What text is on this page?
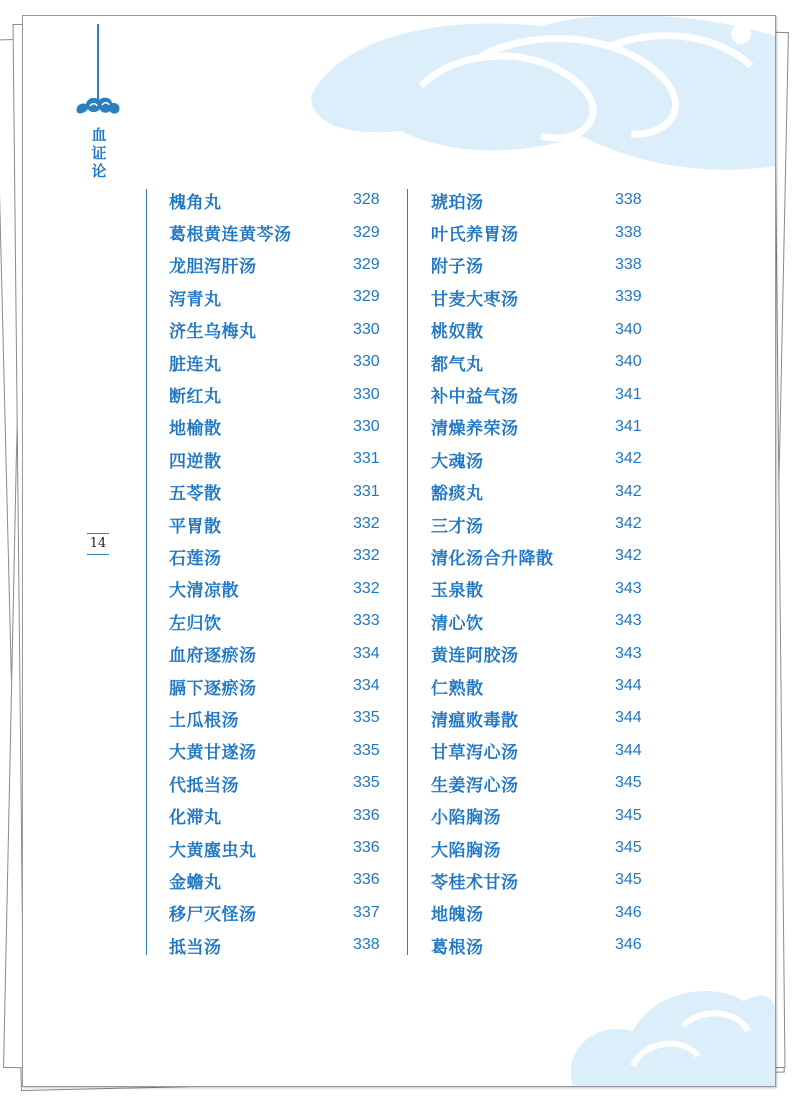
血
证
论
14
槐角丸	328
葛根黄连黄芩汤	329
龙胆泻肝汤	329
泻青丸	329
济生乌梅丸	330
脏连丸	330
断红丸	330
地榆散	330
四逆散	331
五苓散	331
平胃散	332
石莲汤	332
大清凉散	332
左归饮	333
血府逐瘀汤	334
膈下逐瘀汤	334
土瓜根汤	335
大黄甘遂汤	335
代抵当汤	335
化滞丸	336
大黄䗪虫丸	336
金蟾丸	336
移尸灭怪汤	337
抵当汤	338
琥珀汤	338
叶氏养胃汤	338
附子汤	338
甘麦大枣汤	339
桃奴散	340
都气丸	340
补中益气汤	341
清燥养荣汤	341
大魂汤	342
豁痰丸	342
三才汤	342
清化汤合升降散	342
玉泉散	343
清心饮	343
黄连阿胶汤	343
仁熟散	344
清瘟败毒散	344
甘草泻心汤	344
生姜泻心汤	345
小陷胸汤	345
大陷胸汤	345
苓桂术甘汤	345
地魄汤	346
葛根汤	346
